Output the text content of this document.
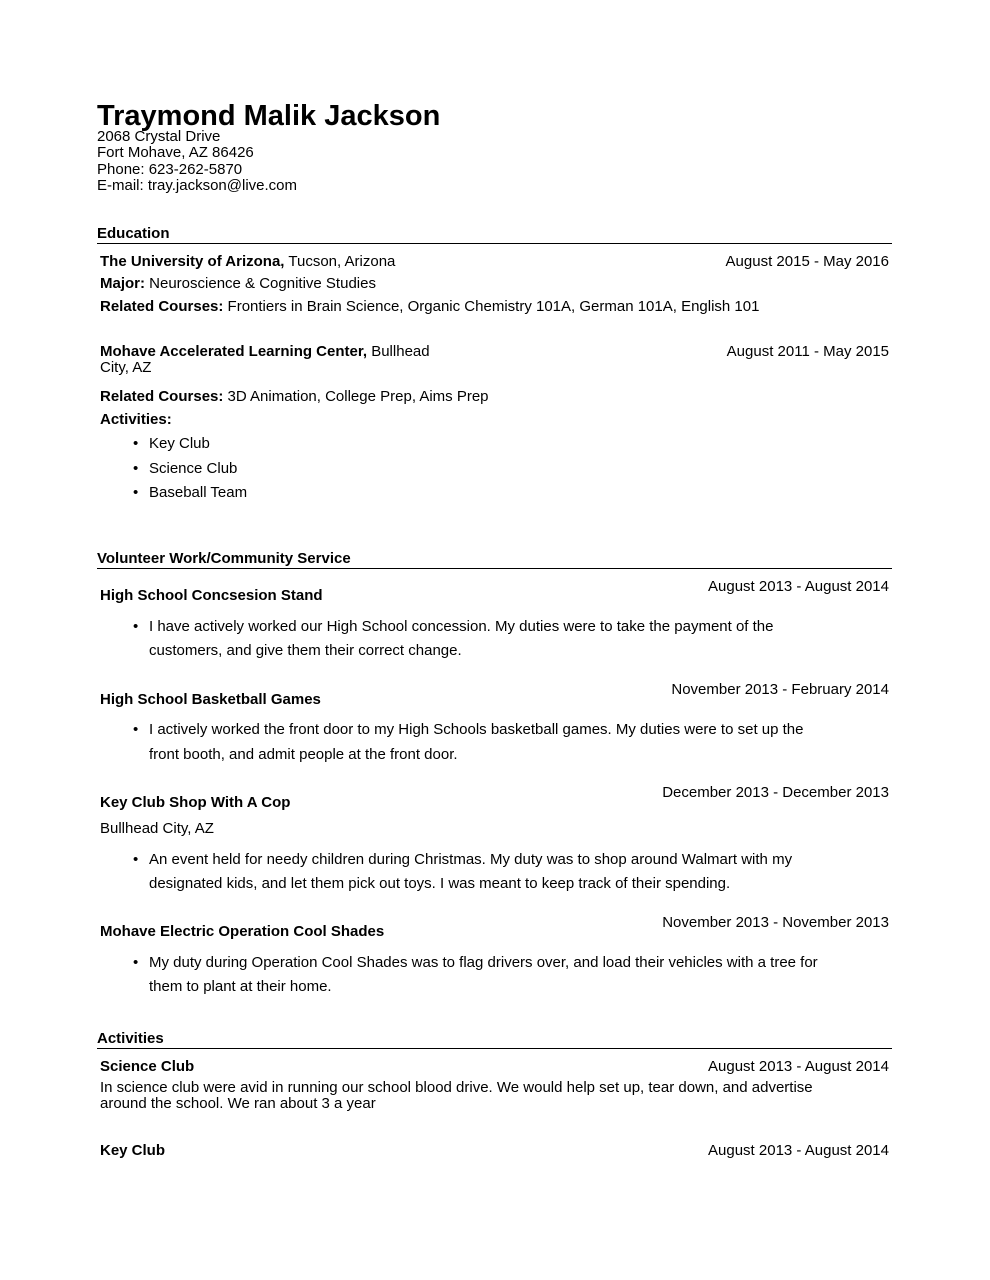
Traymond Malik Jackson
2068 Crystal Drive
Fort Mohave, AZ 86426
Phone: 623-262-5870
E-mail: tray.jackson@live.com
Education
The University of Arizona, Tucson, Arizona	August 2015 - May 2016
Major: Neuroscience & Cognitive Studies
Related Courses: Frontiers in Brain Science, Organic Chemistry 101A, German 101A, English 101
Mohave Accelerated Learning Center, Bullhead
City, AZ
August 2011 - May 2015
Related Courses: 3D Animation, College Prep, Aims Prep
Activities:
• Key Club
• Science Club
• Baseball Team
Volunteer Work/Community Service
High School Concsesion Stand
August 2013 - August 2014
• I have actively worked our High School concession. My duties were to take the payment of the
customers, and give them their correct change.
High School Basketball Games
November 2013 - February 2014
• I actively worked the front door to my High Schools basketball games. My duties were to set up the
front booth, and admit people at the front door.
Key Club Shop With A Cop
December 2013 - December 2013
Bullhead City, AZ
• An event held for needy children during Christmas. My duty was to shop around Walmart with my
designated kids, and let them pick out toys. I was meant to keep track of their spending.
Mohave Electric Operation Cool Shades
November 2013 - November 2013
• My duty during Operation Cool Shades was to flag drivers over, and load their vehicles with a tree for
them to plant at their home.
Activities
Science Club	August 2013 - August 2014
In science club were avid in running our school blood drive. We would help set up, tear down, and advertise
around the school. We ran about 3 a year
Key Club	August 2013 - August 2014
